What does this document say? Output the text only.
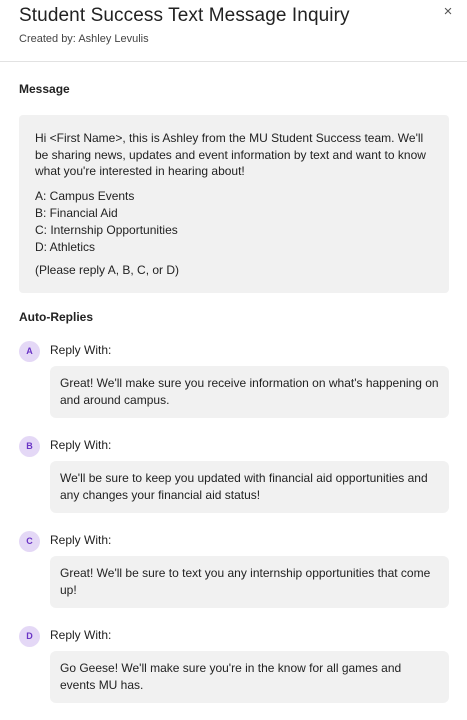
Student Success Text Message Inquiry
Created by: Ashley Levulis
×
Message
Hi <First Name>, this is Ashley from the MU Student Success team. We'll be sharing news, updates and event information by text and want to know what you're interested in hearing about!
A: Campus Events
B: Financial Aid
C: Internship Opportunities
D: Athletics
(Please reply A, B, C, or D)
Auto-Replies
A	Reply With:
Great! We'll make sure you receive information on what's happening on and around campus.
B	Reply With:
We'll be sure to keep you updated with financial aid opportunities and any changes your financial aid status!
C	Reply With:
Great! We'll be sure to text you any internship opportunities that come up!
D	Reply With:
Go Geese! We'll make sure you're in the know for all games and events MU has.
